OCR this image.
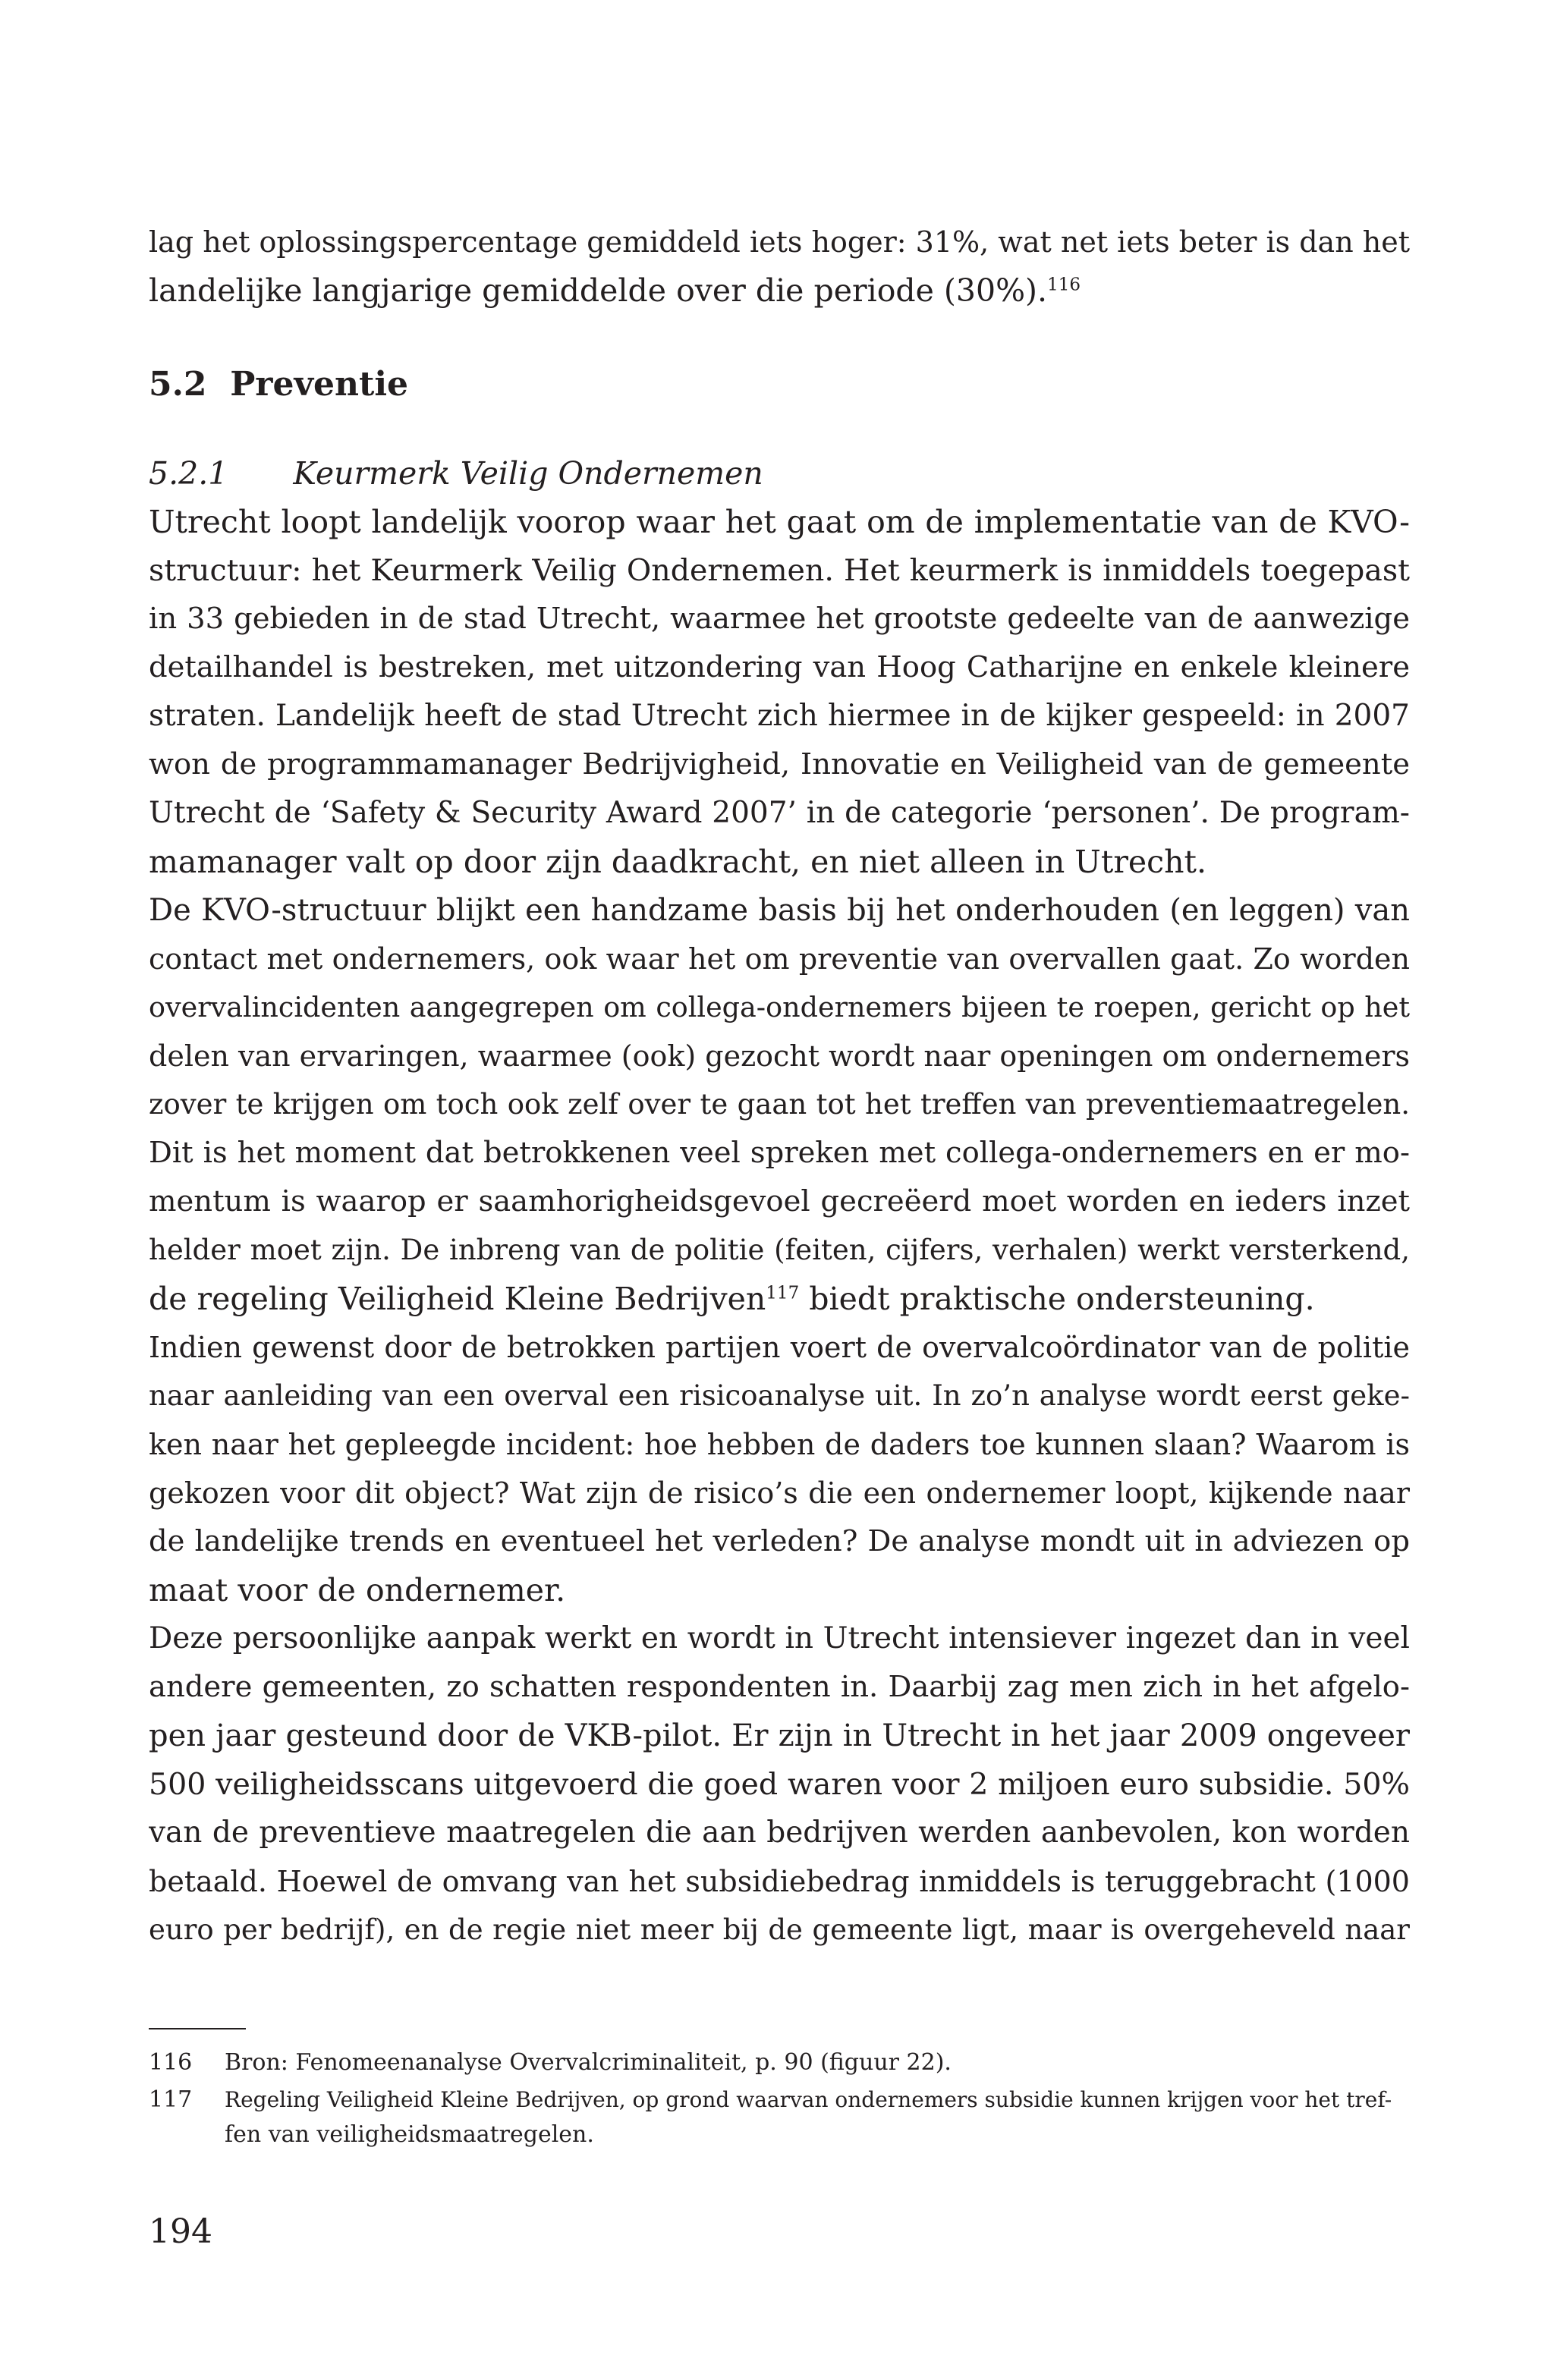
lag het oplossingspercentage gemiddeld iets hoger: 31%, wat net iets beter is dan het
landelijke langjarige gemiddelde over die periode (30%).$^{116}$
5.2 Preventie
5.2.1 Keurmerk Veilig Ondernemen
Utrecht loopt landelijk voorop waar het gaat om de implementatie van de KVO-
structuur: het Keurmerk Veilig Ondernemen. Het keurmerk is inmiddels toegepast
in 33 gebieden in de stad Utrecht, waarmee het grootste gedeelte van de aanwezige
detailhandel is bestreken, met uitzondering van Hoog Catharijne en enkele kleinere
straten. Landelijk heeft de stad Utrecht zich hiermee in de kijker gespeeld: in 2007
won de programmamanager Bedrijvigheid, Innovatie en Veiligheid van de gemeente
Utrecht de ‘Safety & Security Award 2007’ in de categorie ‘personen’. De program-
mamanager valt op door zijn daadkracht, en niet alleen in Utrecht.
De KVO-structuur blijkt een handzame basis bij het onderhouden (en leggen) van
contact met ondernemers, ook waar het om preventie van overvallen gaat. Zo worden
overvalincidenten aangegrepen om collega-ondernemers bijeen te roepen, gericht op het
delen van ervaringen, waarmee (ook) gezocht wordt naar openingen om ondernemers
zover te krijgen om toch ook zelf over te gaan tot het treffen van preventiemaatregelen.
Dit is het moment dat betrokkenen veel spreken met collega-ondernemers en er mo-
mentum is waarop er saamhorigheidsgevoel gecreëerd moet worden en ieders inzet
helder moet zijn. De inbreng van de politie (feiten, cijfers, verhalen) werkt versterkend,
de regeling Veiligheid Kleine Bedrijven$^{117}$ biedt praktische ondersteuning.
Indien gewenst door de betrokken partijen voert de overvalcoördinator van de politie
naar aanleiding van een overval een risicoanalyse uit. In zo’n analyse wordt eerst geke-
ken naar het gepleegde incident: hoe hebben de daders toe kunnen slaan? Waarom is
gekozen voor dit object? Wat zijn de risico’s die een ondernemer loopt, kijkende naar
de landelijke trends en eventueel het verleden? De analyse mondt uit in adviezen op
maat voor de ondernemer.
Deze persoonlijke aanpak werkt en wordt in Utrecht intensiever ingezet dan in veel
andere gemeenten, zo schatten respondenten in. Daarbij zag men zich in het afgelo-
pen jaar gesteund door de VKB-pilot. Er zijn in Utrecht in het jaar 2009 ongeveer
500 veiligheidsscans uitgevoerd die goed waren voor 2 miljoen euro subsidie. 50%
van de preventieve maatregelen die aan bedrijven werden aanbevolen, kon worden
betaald. Hoewel de omvang van het subsidiebedrag inmiddels is teruggebracht (1000
euro per bedrijf), en de regie niet meer bij de gemeente ligt, maar is overgeheveld naar
116 Bron: Fenomeenanalyse Overvalcriminaliteit, p. 90 (figuur 22).
117 Regeling Veiligheid Kleine Bedrijven, op grond waarvan ondernemers subsidie kunnen krijgen voor het tref-
fen van veiligheidsmaatregelen.
194
